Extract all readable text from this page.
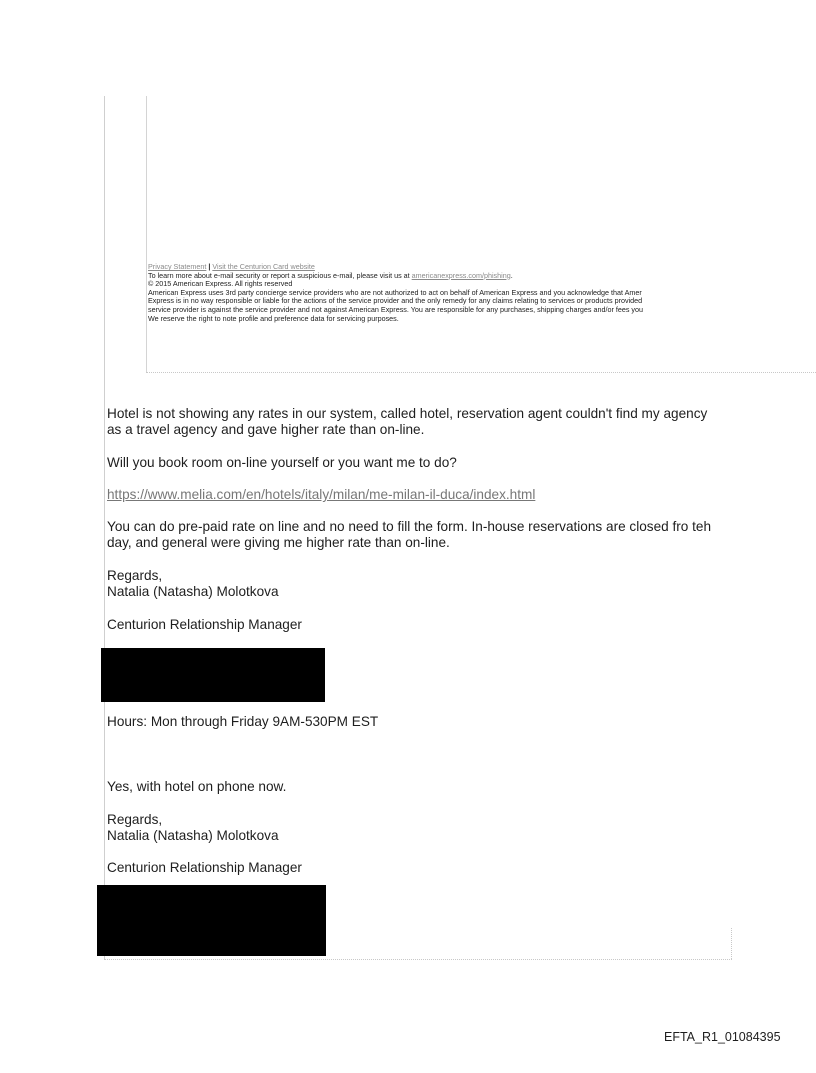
Privacy Statement | Visit the Centurion Card website
To learn more about e-mail security or report a suspicious e-mail, please visit us at americanexpress.com/phishing.
© 2015 American Express. All rights reserved
American Express uses 3rd party concierge service providers who are not authorized to act on behalf of American Express and you acknowledge that Amer
Express is in no way responsible or liable for the actions of the service provider and the only remedy for any claims relating to services or products provided
service provider is against the service provider and not against American Express. You are responsible for any purchases, shipping charges and/or fees you
We reserve the right to note profile and preference data for servicing purposes.
Hotel is not showing any rates in our system, called hotel, reservation agent couldn't find my agency
as a travel agency and gave higher rate than on-line.
Will you book room on-line yourself or you want me to do?
https://www.melia.com/en/hotels/italy/milan/me-milan-il-duca/index.html
You can do pre-paid rate on line and no need to fill the form. In-house reservations are closed fro teh
day, and general were giving me higher rate than on-line.
Regards,
Natalia (Natasha) Molotkova
Centurion Relationship Manager
Hours: Mon through Friday 9AM-530PM EST
Yes, with hotel on phone now.
Regards,
Natalia (Natasha) Molotkova
Centurion Relationship Manager
EFTA_R1_01084395
